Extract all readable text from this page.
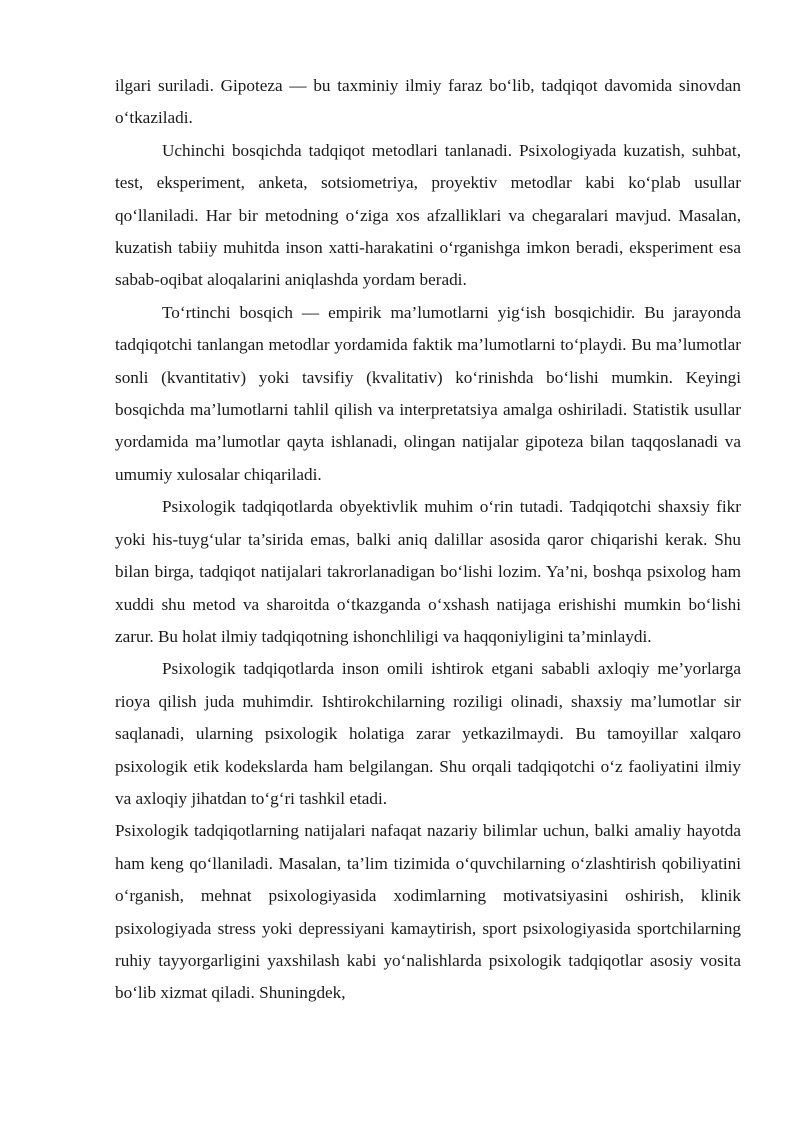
ilgari suriladi. Gipoteza — bu taxminiy ilmiy faraz bo‘lib, tadqiqot davomida sinovdan o‘tkaziladi.

Uchinchi bosqichda tadqiqot metodlari tanlanadi. Psixologiyada kuzatish, suhbat, test, eksperiment, anketa, sotsiometriya, proyektiv metodlar kabi ko‘plab usullar qo‘llaniladi. Har bir metodning o‘ziga xos afzalliklari va chegaralari mavjud. Masalan, kuzatish tabiiy muhitda inson xatti-harakatini o‘rganishga imkon beradi, eksperiment esa sabab-oqibat aloqalarini aniqlashda yordam beradi.

To‘rtinchi bosqich — empirik ma’lumotlarni yig‘ish bosqichidir. Bu jarayonda tadqiqotchi tanlangan metodlar yordamida faktik ma’lumotlarni to‘playdi. Bu ma’lumotlar sonli (kvantitativ) yoki tavsifiy (kvalitativ) ko‘rinishda bo‘lishi mumkin. Keyingi bosqichda ma’lumotlarni tahlil qilish va interpretatsiya amalga oshiriladi. Statistik usullar yordamida ma’lumotlar qayta ishlanadi, olingan natijalar gipoteza bilan taqqoslanadi va umumiy xulosalar chiqariladi.

Psixologik tadqiqotlarda obyektivlik muhim o‘rin tutadi. Tadqiqotchi shaxsiy fikr yoki his-tuyg‘ular ta’sirida emas, balki aniq dalillar asosida qaror chiqarishi kerak. Shu bilan birga, tadqiqot natijalari takrorlanadigan bo‘lishi lozim. Ya’ni, boshqa psixolog ham xuddi shu metod va sharoitda o‘tkazganda o‘xshash natijaga erishishi mumkin bo‘lishi zarur. Bu holat ilmiy tadqiqotning ishonchliligi va haqqoniyligini ta’minlaydi.

Psixologik tadqiqotlarda inson omili ishtirok etgani sababli axloqiy me’yorlarga rioya qilish juda muhimdir. Ishtirokchilarning roziligi olinadi, shaxsiy ma’lumotlar sir saqlanadi, ularning psixologik holatiga zarar yetkazilmaydi. Bu tamoyillar xalqaro psixologik etik kodekslarda ham belgilangan. Shu orqali tadqiqotchi o‘z faoliyatini ilmiy va axloqiy jihatdan to‘g‘ri tashkil etadi.

Psixologik tadqiqotlarning natijalari nafaqat nazariy bilimlar uchun, balki amaliy hayotda ham keng qo‘llaniladi. Masalan, ta’lim tizimida o‘quvchilarning o‘zlashtirish qobiliyatini o‘rganish, mehnat psixologiyasida xodimlarning motivatsiyasini oshirish, klinik psixologiyada stress yoki depressiyani kamaytirish, sport psixologiyasida sportchilarning ruhiy tayyorgarligini yaxshilash kabi yo‘nalishlarda psixologik tadqiqotlar asosiy vosita bo‘lib xizmat qiladi. Shuningdek,
